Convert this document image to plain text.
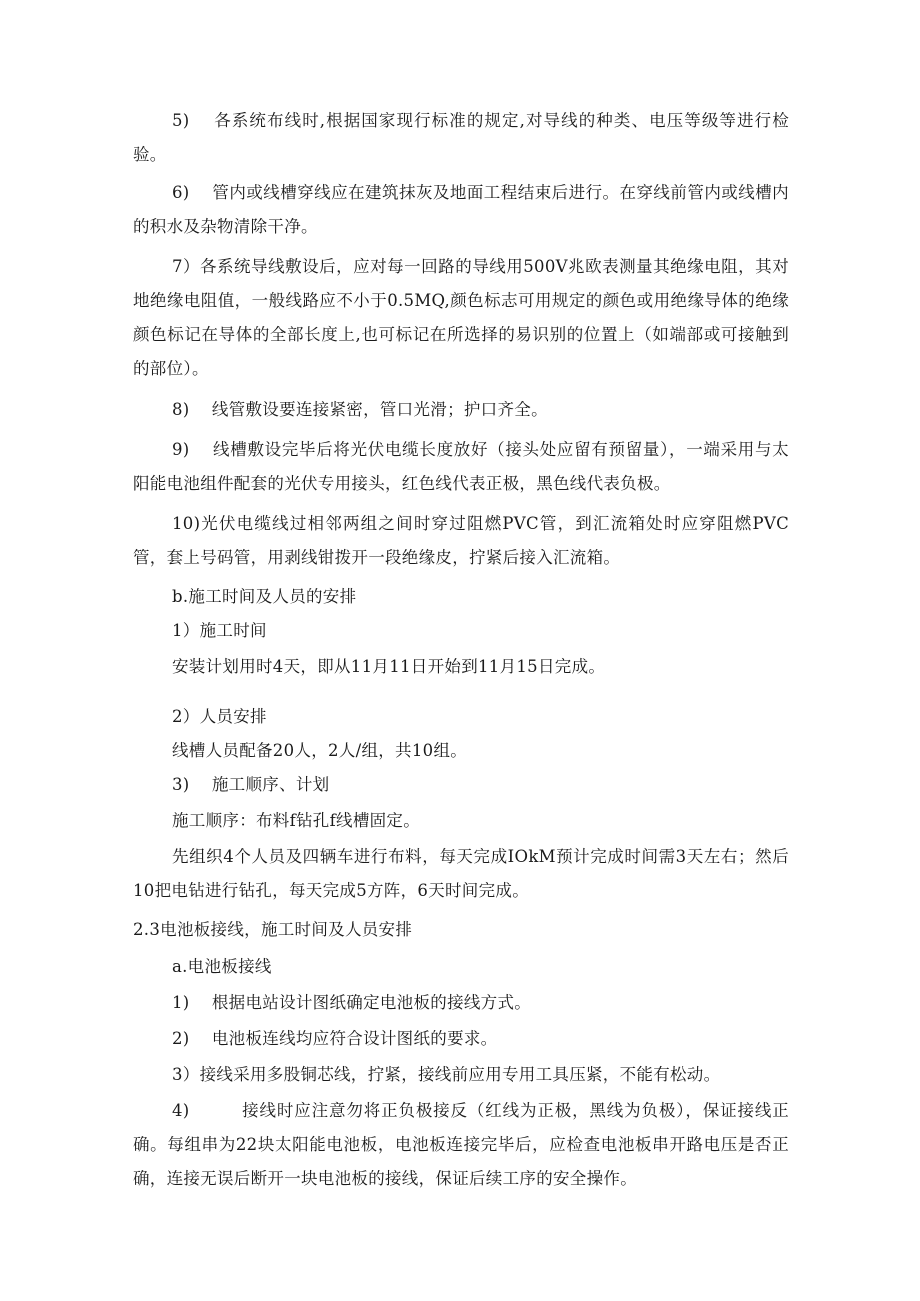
5)　 各系统布线时,根据国家现行标准的规定,对导线的种类、电压等级等进行检验。

6)　 管内或线槽穿线应在建筑抹灰及地面工程结束后进行。在穿线前管内或线槽内的积水及杂物清除干净。

7）各系统导线敷设后，应对每一回路的导线用500V兆欧表测量其绝缘电阻，其对地绝缘电阻值，一般线路应不小于0.5MQ,颜色标志可用规定的颜色或用绝缘导体的绝缘颜色标记在导体的全部长度上,也可标记在所选择的易识别的位置上（如端部或可接触到的部位）。

8)　 线管敷设要连接紧密，管口光滑；护口齐全。

9)　 线槽敷设完毕后将光伏电缆长度放好（接头处应留有预留量），一端采用与太阳能电池组件配套的光伏专用接头，红色线代表正极，黑色线代表负极。

10)光伏电缆线过相邻两组之间时穿过阻燃PVC管，到汇流箱处时应穿阻燃PVC管，套上号码管，用剥线钳拨开一段绝缘皮，拧紧后接入汇流箱。

b.施工时间及人员的安排

1）施工时间

安装计划用时4天，即从11月11日开始到11月15日完成。

2）人员安排

线槽人员配备20人，2人/组，共10组。

3)　 施工顺序、计划

施工顺序：布料f钻孔f线槽固定。

先组织4个人员及四辆车进行布料，每天完成IOkM预计完成时间需3天左右；然后10把电钻进行钻孔，每天完成5方阵，6天时间完成。

2.3电池板接线，施工时间及人员安排

a.电池板接线

1)　 根据电站设计图纸确定电池板的接线方式。

2)　 电池板连线均应符合设计图纸的要求。

3）接线采用多股铜芯线，拧紧，接线前应用专用工具压紧，不能有松动。

4)　　　接线时应注意勿将正负极接反（红线为正极，黑线为负极），保证接线正确。每组串为22块太阳能电池板，电池板连接完毕后，应检查电池板串开路电压是否正确，连接无误后断开一块电池板的接线，保证后续工序的安全操作。
